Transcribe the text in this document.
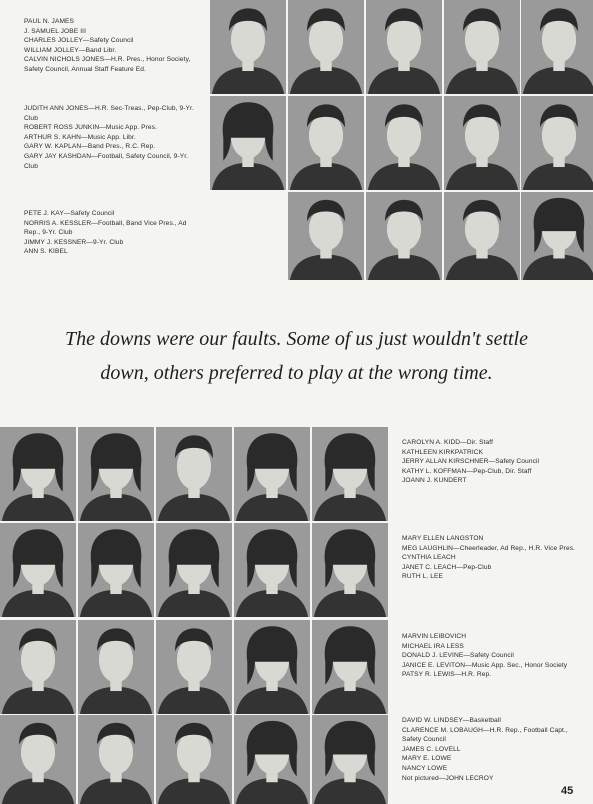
PAUL N. JAMES
J. SAMUEL JOBE III
CHARLES JOLLEY—Safety Council
WILLIAM JOLLEY—Band Libr.
CALVIN NICHOLS JONES—H.R. Pres., Honor Society, Safety Council, Annual Staff Feature Ed.
JUDITH ANN JONES—H.R. Sec-Treas., Pep-Club, 9-Yr. Club
ROBERT ROSS JUNKIN—Music App. Pres.
ARTHUR S. KAHN—Music App. Libr.
GARY W. KAPLAN—Band Pres., R.C. Rep.
GARY JAY KASHDAN—Football, Safety Council, 9-Yr. Club
PETE J. KAY—Safety Council
NORRIS A. KESSLER—Football, Band Vice Pres., Ad Rep., 9-Yr. Club
JIMMY J. KESSNER—9-Yr. Club
ANN S. KIBEL
The downs were our faults. Some of us just wouldn't settle
down, others preferred to play at the wrong time.
CAROLYN A. KIDD—Dir. Staff
KATHLEEN KIRKPATRICK
JERRY ALLAN KIRSCHNER—Safety Council
KATHY L. KOFFMAN—Pep-Club, Dir. Staff
JOANN J. KUNDERT
MARY ELLEN LANGSTON
MEG LAUGHLIN—Cheerleader, Ad Rep., H.R. Vice Pres.
CYNTHIA LEACH
JANET C. LEACH—Pep-Club
RUTH L. LEE
MARVIN LEIBOVICH
MICHAEL IRA LESS
DONALD J. LEVINE—Safety Council
JANICE E. LEVITON—Music App. Sec., Honor Society
PATSY R. LEWIS—H.R. Rep.
DAVID W. LINDSEY—Basketball
CLARENCE M. LOBAUGH—H.R. Rep., Football Capt., Safety Council
JAMES C. LOVELL
MARY E. LOWE
NANCY LOWE
Not pictured—JOHN LECROY
45
